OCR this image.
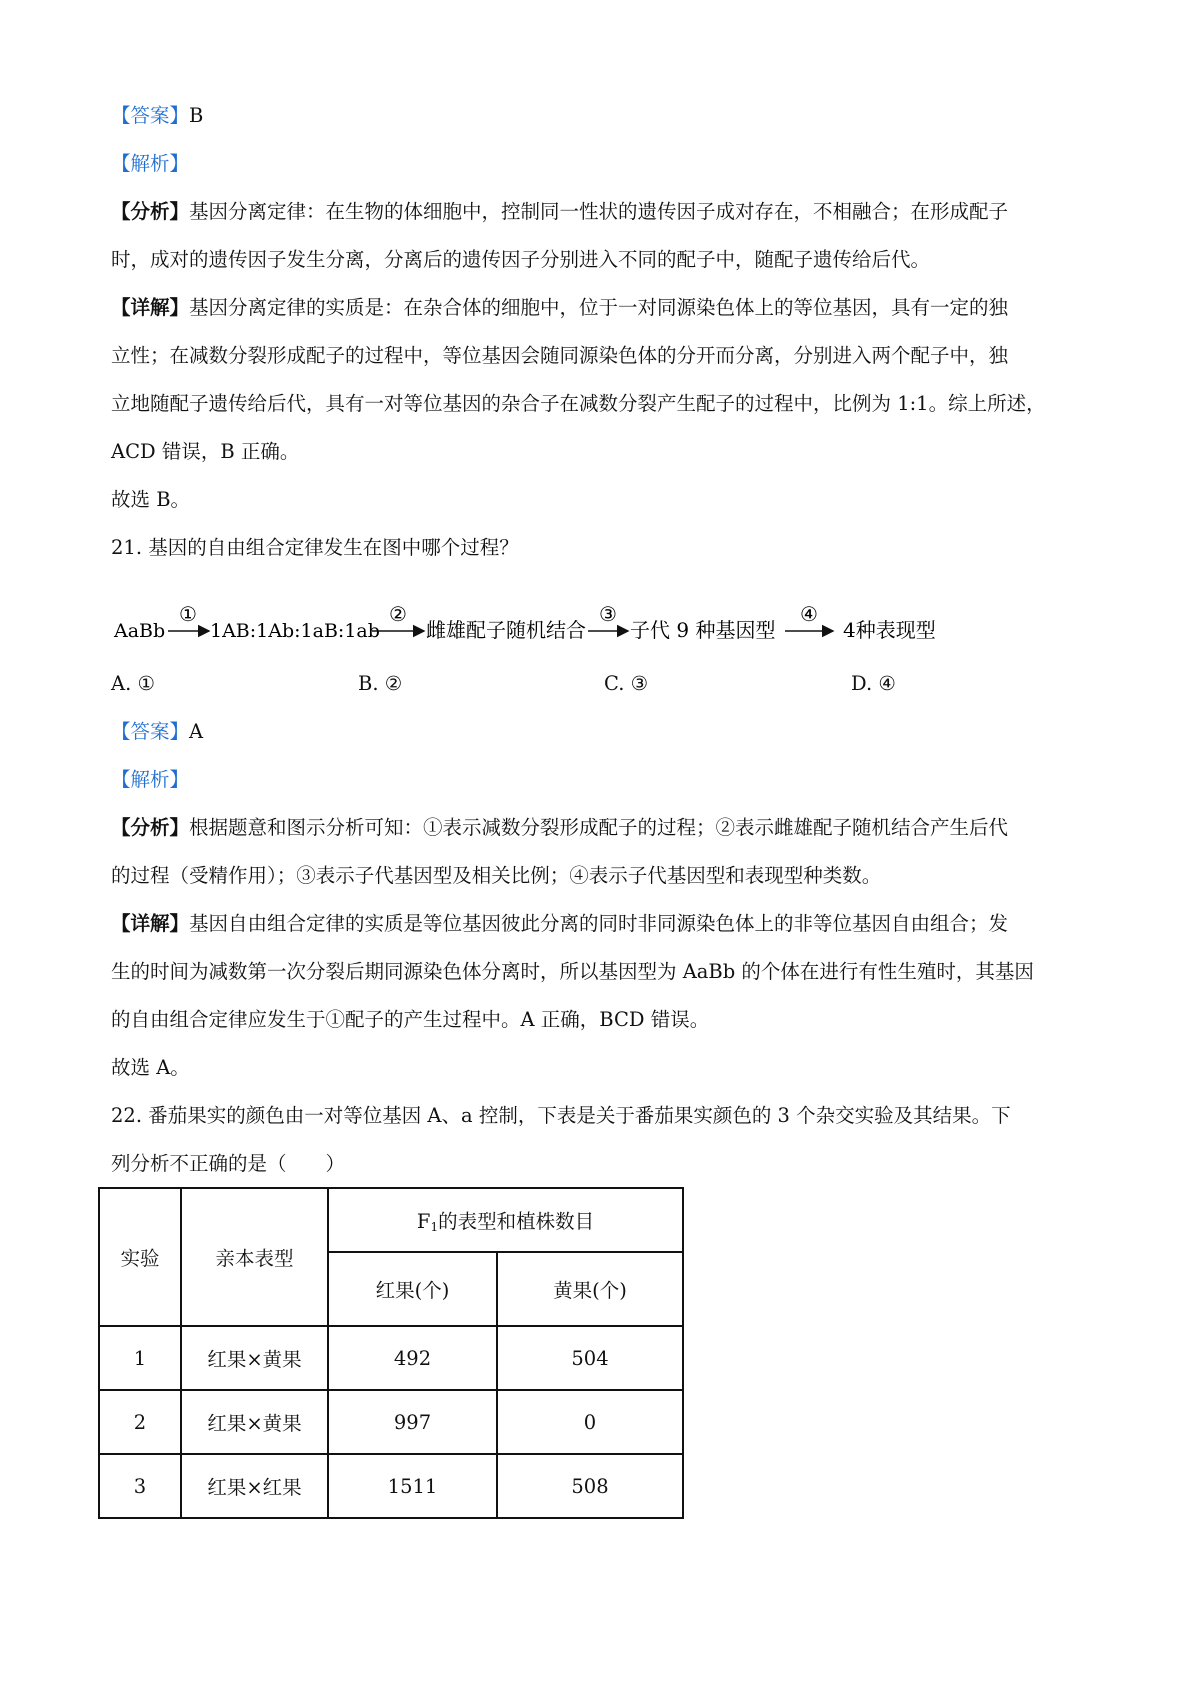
【答案】B
【解析】
【分析】基因分离定律：在生物的体细胞中，控制同一性状的遗传因子成对存在，不相融合；在形成配子
时，成对的遗传因子发生分离，分离后的遗传因子分别进入不同的配子中，随配子遗传给后代。
【详解】基因分离定律的实质是：在杂合体的细胞中，位于一对同源染色体上的等位基因，具有一定的独
立性；在减数分裂形成配子的过程中，等位基因会随同源染色体的分开而分离，分别进入两个配子中，独
立地随配子遗传给后代，具有一对等位基因的杂合子在减数分裂产生配子的过程中，比例为 1:1。综上所述，
ACD 错误，B 正确。
故选 B。
21. 基因的自由组合定律发生在图中哪个过程？
AaBb
①
1AB:1Ab:1aB:1ab
②
雌雄配子随机结合
③
子代 9 种基因型
④
4种表现型
A. ①	B. ②	C. ③	D. ④
【答案】A
【解析】
【分析】根据题意和图示分析可知：①表示减数分裂形成配子的过程；②表示雌雄配子随机结合产生后代
的过程（受精作用）；③表示子代基因型及相关比例；④表示子代基因型和表现型种类数。
【详解】基因自由组合定律的实质是等位基因彼此分离的同时非同源染色体上的非等位基因自由组合；发
生的时间为减数第一次分裂后期同源染色体分离时，所以基因型为 AaBb 的个体在进行有性生殖时，其基因
的自由组合定律应发生于①配子的产生过程中。A 正确，BCD 错误。
故选 A。
22. 番茄果实的颜色由一对等位基因 A、a 控制，下表是关于番茄果实颜色的 3 个杂交实验及其结果。下
列分析不正确的是（　　）
实验	亲本表型	$F_1$的表型和植株数目	
		红果(个)	黄果(个)
1	红果×黄果	492	504
2	红果×黄果	997	0
3	红果×红果	1511	508
